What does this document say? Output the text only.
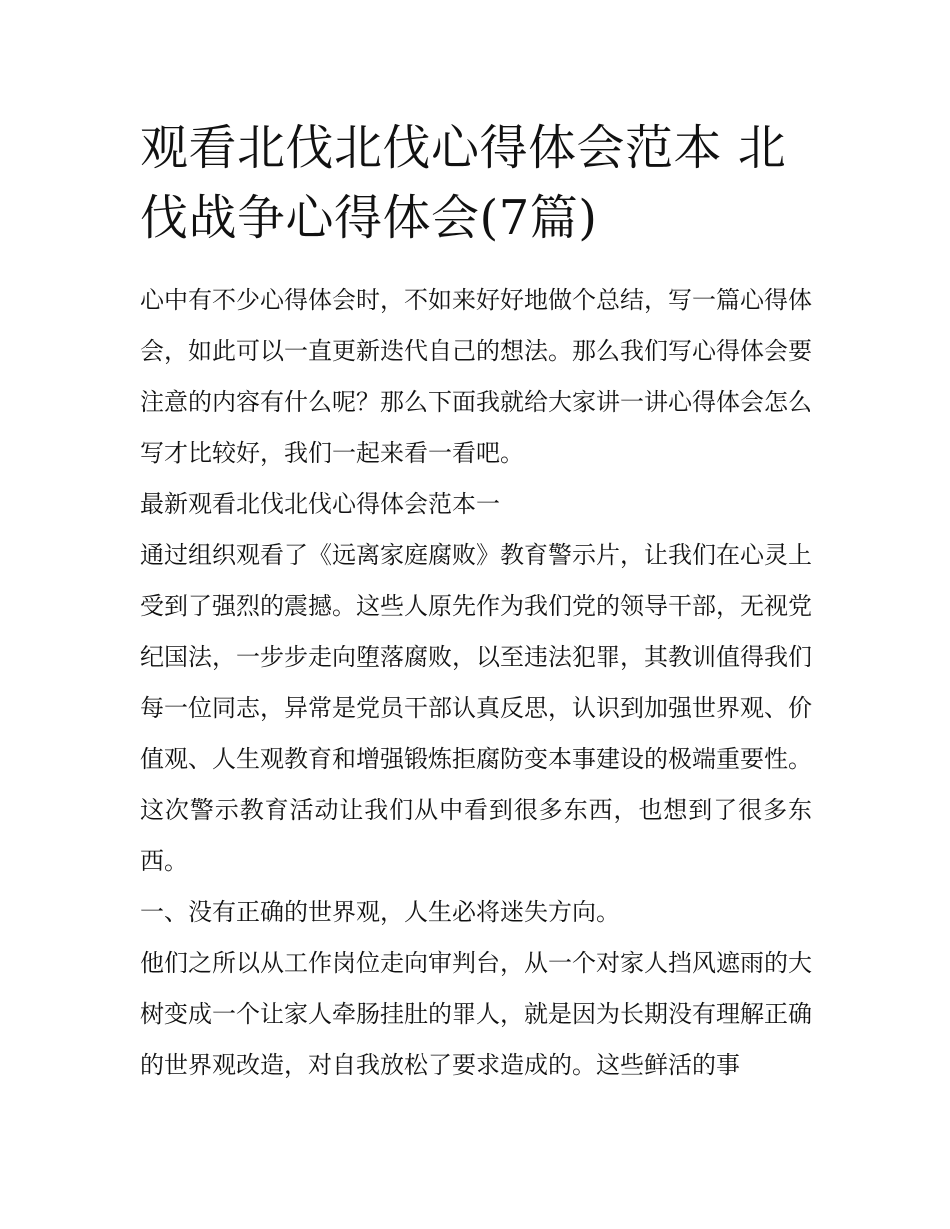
观看北伐北伐心得体会范本 北伐战争心得体会(7篇)

心中有不少心得体会时，不如来好好地做个总结，写一篇心得体会，如此可以一直更新迭代自己的想法。那么我们写心得体会要注意的内容有什么呢？那么下面我就给大家讲一讲心得体会怎么写才比较好，我们一起来看一看吧。

最新观看北伐北伐心得体会范本一

通过组织观看了《远离家庭腐败》教育警示片，让我们在心灵上受到了强烈的震撼。这些人原先作为我们党的领导干部，无视党纪国法，一步步走向堕落腐败，以至违法犯罪，其教训值得我们每一位同志，异常是党员干部认真反思，认识到加强世界观、价值观、人生观教育和增强锻炼拒腐防变本事建设的极端重要性。这次警示教育活动让我们从中看到很多东西，也想到了很多东西。

一、没有正确的世界观，人生必将迷失方向。

他们之所以从工作岗位走向审判台，从一个对家人挡风遮雨的大树变成一个让家人牵肠挂肚的罪人，就是因为长期没有理解正确的世界观改造，对自我放松了要求造成的。这些鲜活的事
